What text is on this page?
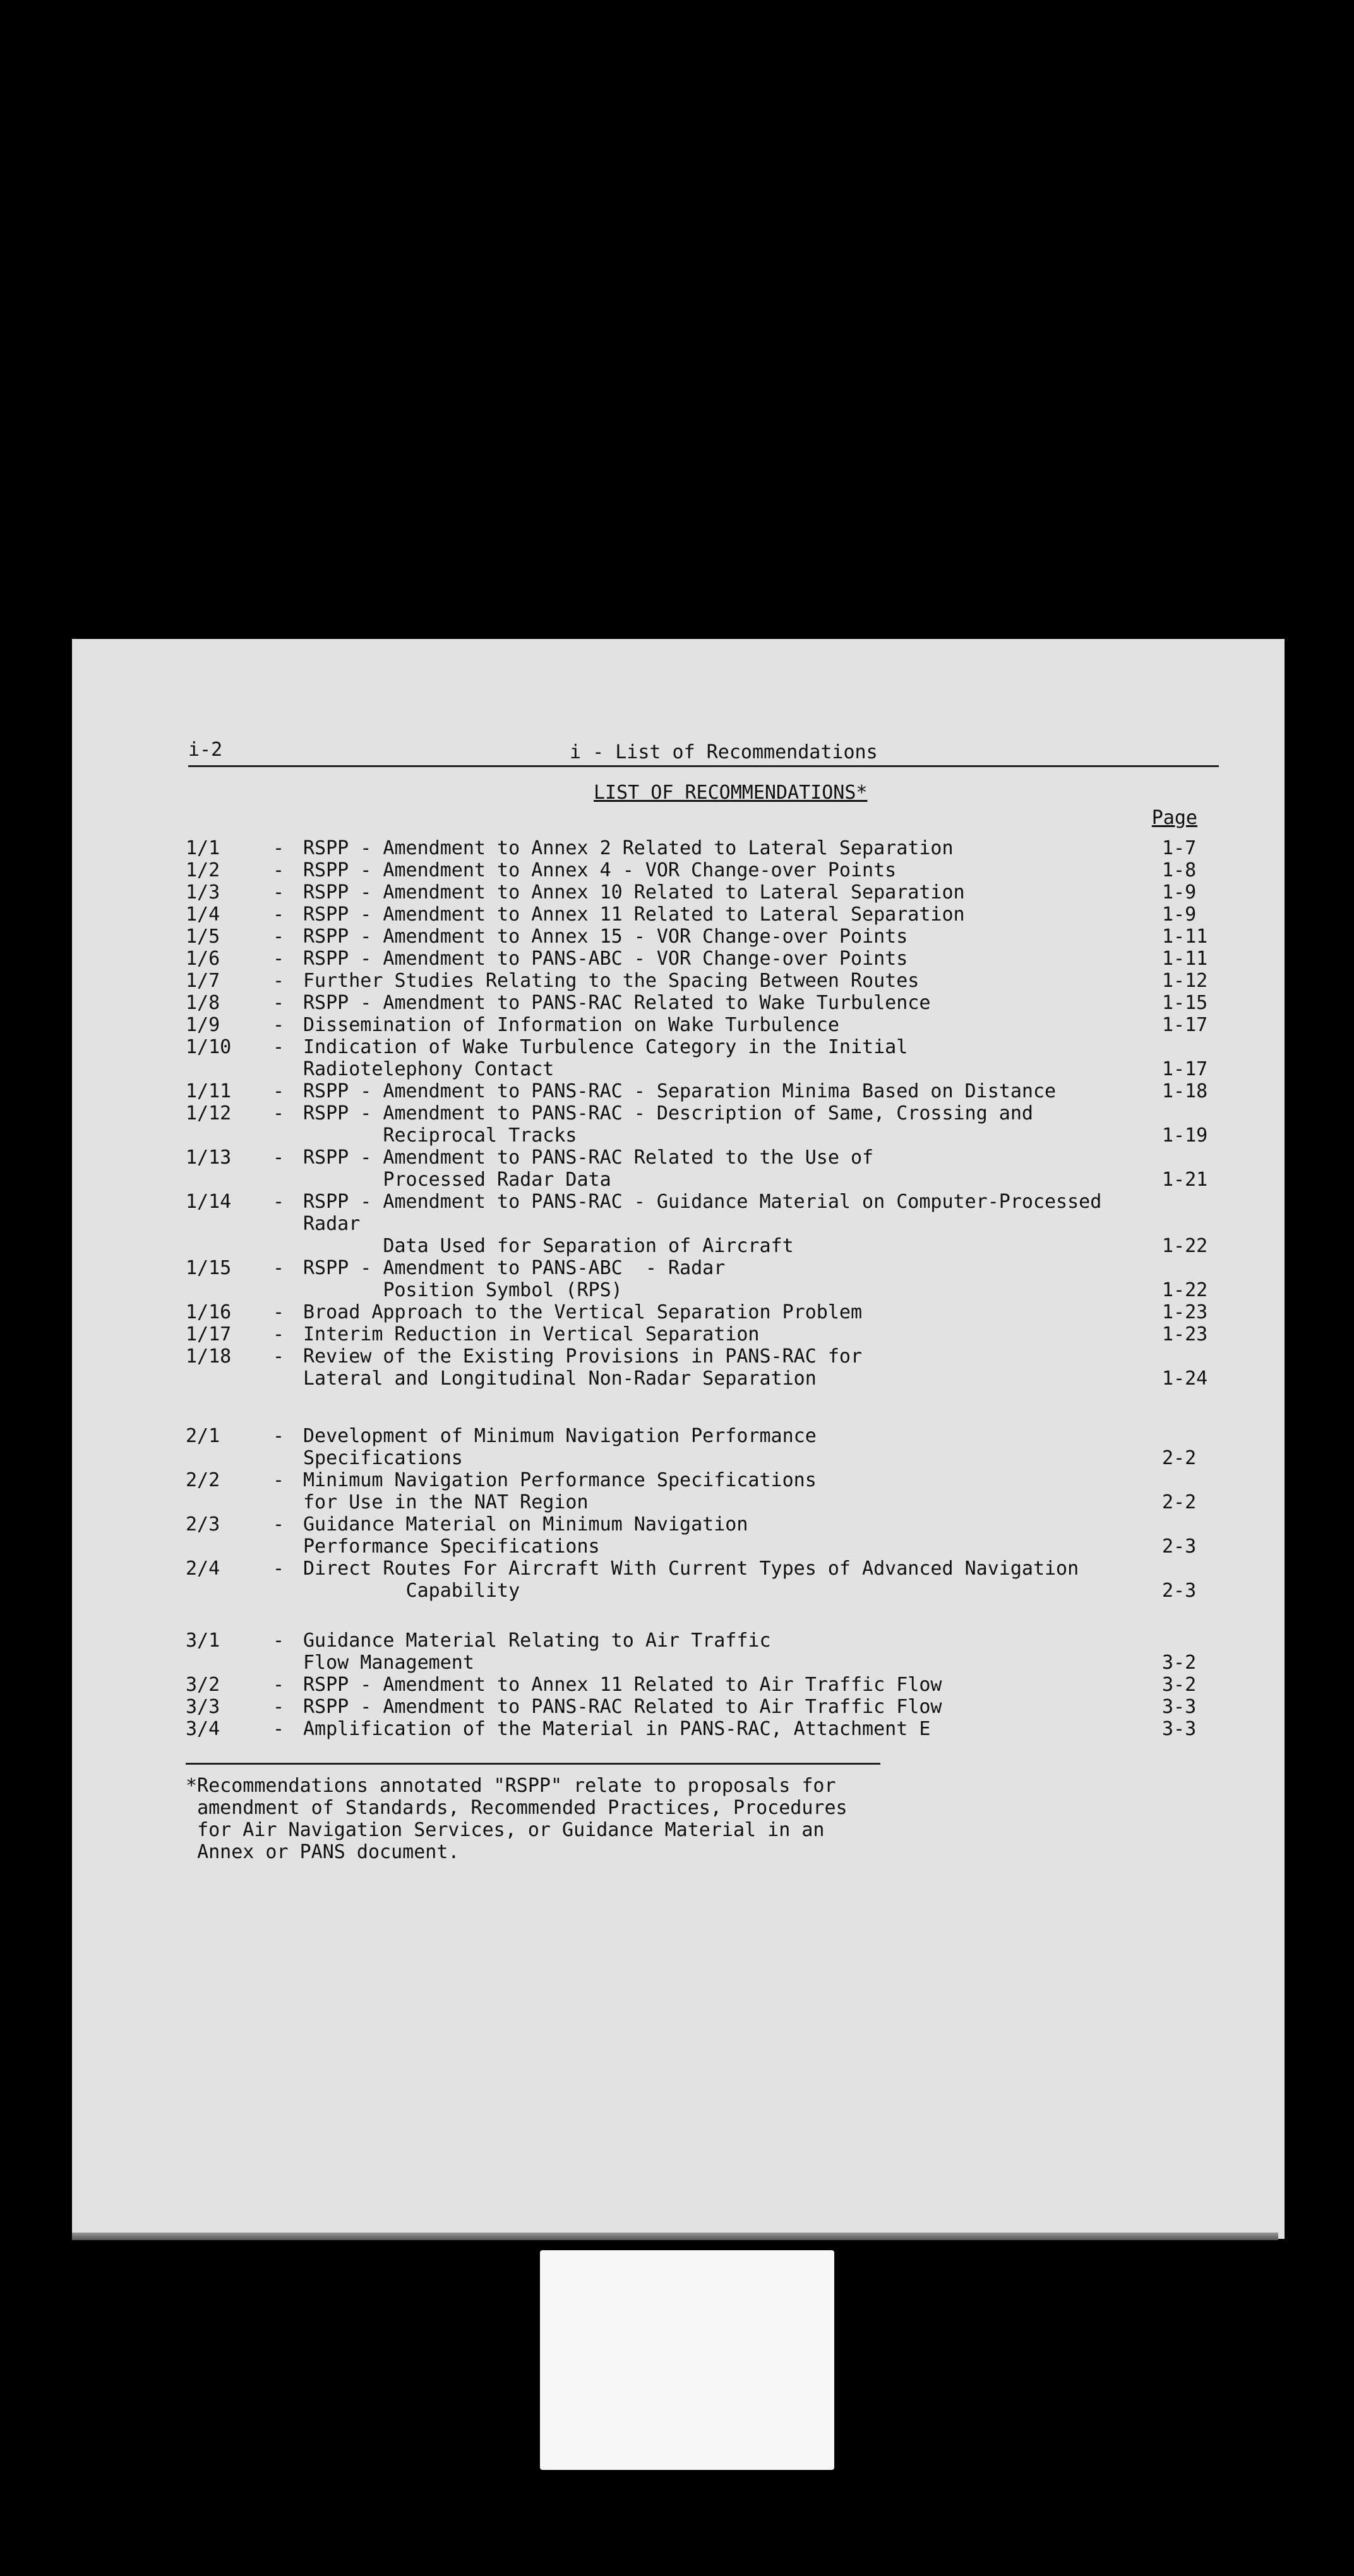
i-2	i - List of Recommendations
LIST OF RECOMMENDATIONS*
Page
1/1	- RSPP - Amendment to Annex 2 Related to Lateral Separation	1-7
1/2	- RSPP - Amendment to Annex 4 - VOR Change-over Points	1-8
1/3	- RSPP - Amendment to Annex 10 Related to Lateral Separation	1-9
1/4	- RSPP - Amendment to Annex 11 Related to Lateral Separation	1-9
1/5	- RSPP - Amendment to Annex 15 - VOR Change-over Points	1-11
1/6	- RSPP - Amendment to PANS-ABC - VOR Change-over Points	1-11
1/7	- Further Studies Relating to the Spacing Between Routes	1-12
1/8	- RSPP - Amendment to PANS-RAC Related to Wake Turbulence	1-15
1/9	- Dissemination of Information on Wake Turbulence	1-17
1/10	- Indication of Wake Turbulence Category in the Initial
Radiotelephony Contact	1-17
1/11	- RSPP - Amendment to PANS-RAC - Separation Minima Based on Distance	1-18
1/12	- RSPP - Amendment to PANS-RAC - Description of Same, Crossing and
Reciprocal Tracks	1-19
1/13	- RSPP - Amendment to PANS-RAC Related to the Use of
Processed Radar Data	1-21
1/14	- RSPP - Amendment to PANS-RAC - Guidance Material on Computer-Processed Radar
Data Used for Separation of Aircraft	1-22
1/15	- RSPP - Amendment to PANS-ABC  - Radar
Position Symbol (RPS)	1-22
1/16	- Broad Approach to the Vertical Separation Problem	1-23
1/17	- Interim Reduction in Vertical Separation	1-23
1/18	- Review of the Existing Provisions in PANS-RAC for
Lateral and Longitudinal Non-Radar Separation	1-24
2/1	- Development of Minimum Navigation Performance
Specifications	2-2
2/2	- Minimum Navigation Performance Specifications
for Use in the NAT Region	2-2
2/3	- Guidance Material on Minimum Navigation
Performance Specifications	2-3
2/4	- Direct Routes For Aircraft With Current Types of Advanced Navigation
Capability	2-3
3/1	- Guidance Material Relating to Air Traffic
Flow Management	3-2
3/2	- RSPP - Amendment to Annex 11 Related to Air Traffic Flow	3-2
3/3	- RSPP - Amendment to PANS-RAC Related to Air Traffic Flow	3-3
3/4	- Amplification of the Material in PANS-RAC, Attachment E	3-3
*Recommendations annotated "RSPP" relate to proposals for
amendment of Standards, Recommended Practices, Procedures
for Air Navigation Services, or Guidance Material in an
Annex or PANS document.
